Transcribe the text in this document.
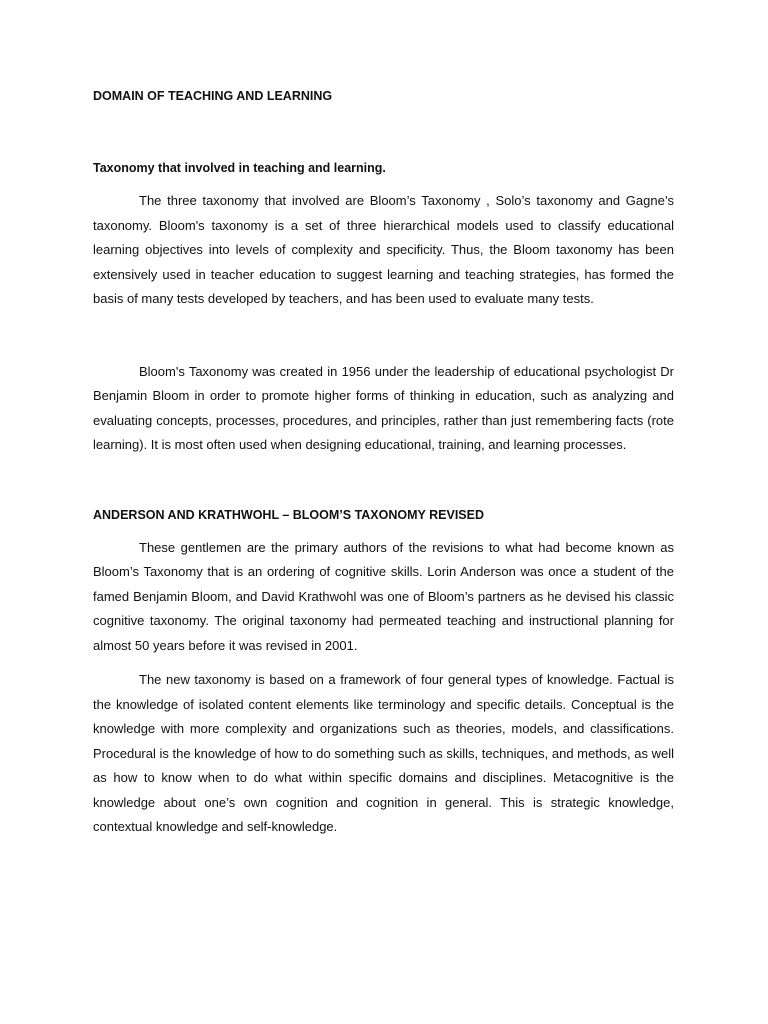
DOMAIN OF TEACHING AND LEARNING

Taxonomy that involved in teaching and learning.

The three taxonomy that involved are Bloom’s Taxonomy , Solo’s taxonomy and Gagne’s taxonomy. Bloom's taxonomy is a set of three hierarchical models used to classify educational learning objectives into levels of complexity and specificity. Thus, the Bloom taxonomy has been extensively used in teacher education to suggest learning and teaching strategies, has formed the basis of many tests developed by teachers, and has been used to evaluate many tests.

Bloom's Taxonomy was created in 1956 under the leadership of educational psychologist Dr Benjamin Bloom in order to promote higher forms of thinking in education, such as analyzing and evaluating concepts, processes, procedures, and principles, rather than just remembering facts (rote learning). It is most often used when designing educational, training, and learning processes.

ANDERSON AND KRATHWOHL – BLOOM’S TAXONOMY REVISED

These gentlemen are the primary authors of the revisions to what had become known as Bloom’s Taxonomy that is an ordering of cognitive skills. Lorin Anderson was once a student of the famed Benjamin Bloom, and David Krathwohl was one of Bloom’s partners as he devised his classic cognitive taxonomy. The original taxonomy had permeated teaching and instructional planning for almost 50 years before it was revised in 2001.

The new taxonomy is based on a framework of four general types of knowledge. Factual is the knowledge of isolated content elements like terminology and specific details. Conceptual is the knowledge with more complexity and organizations such as theories, models, and classifications. Procedural is the knowledge of how to do something such as skills, techniques, and methods, as well as how to know when to do what within specific domains and disciplines. Metacognitive is the knowledge about one’s own cognition and cognition in general. This is strategic knowledge, contextual knowledge and self-knowledge.
